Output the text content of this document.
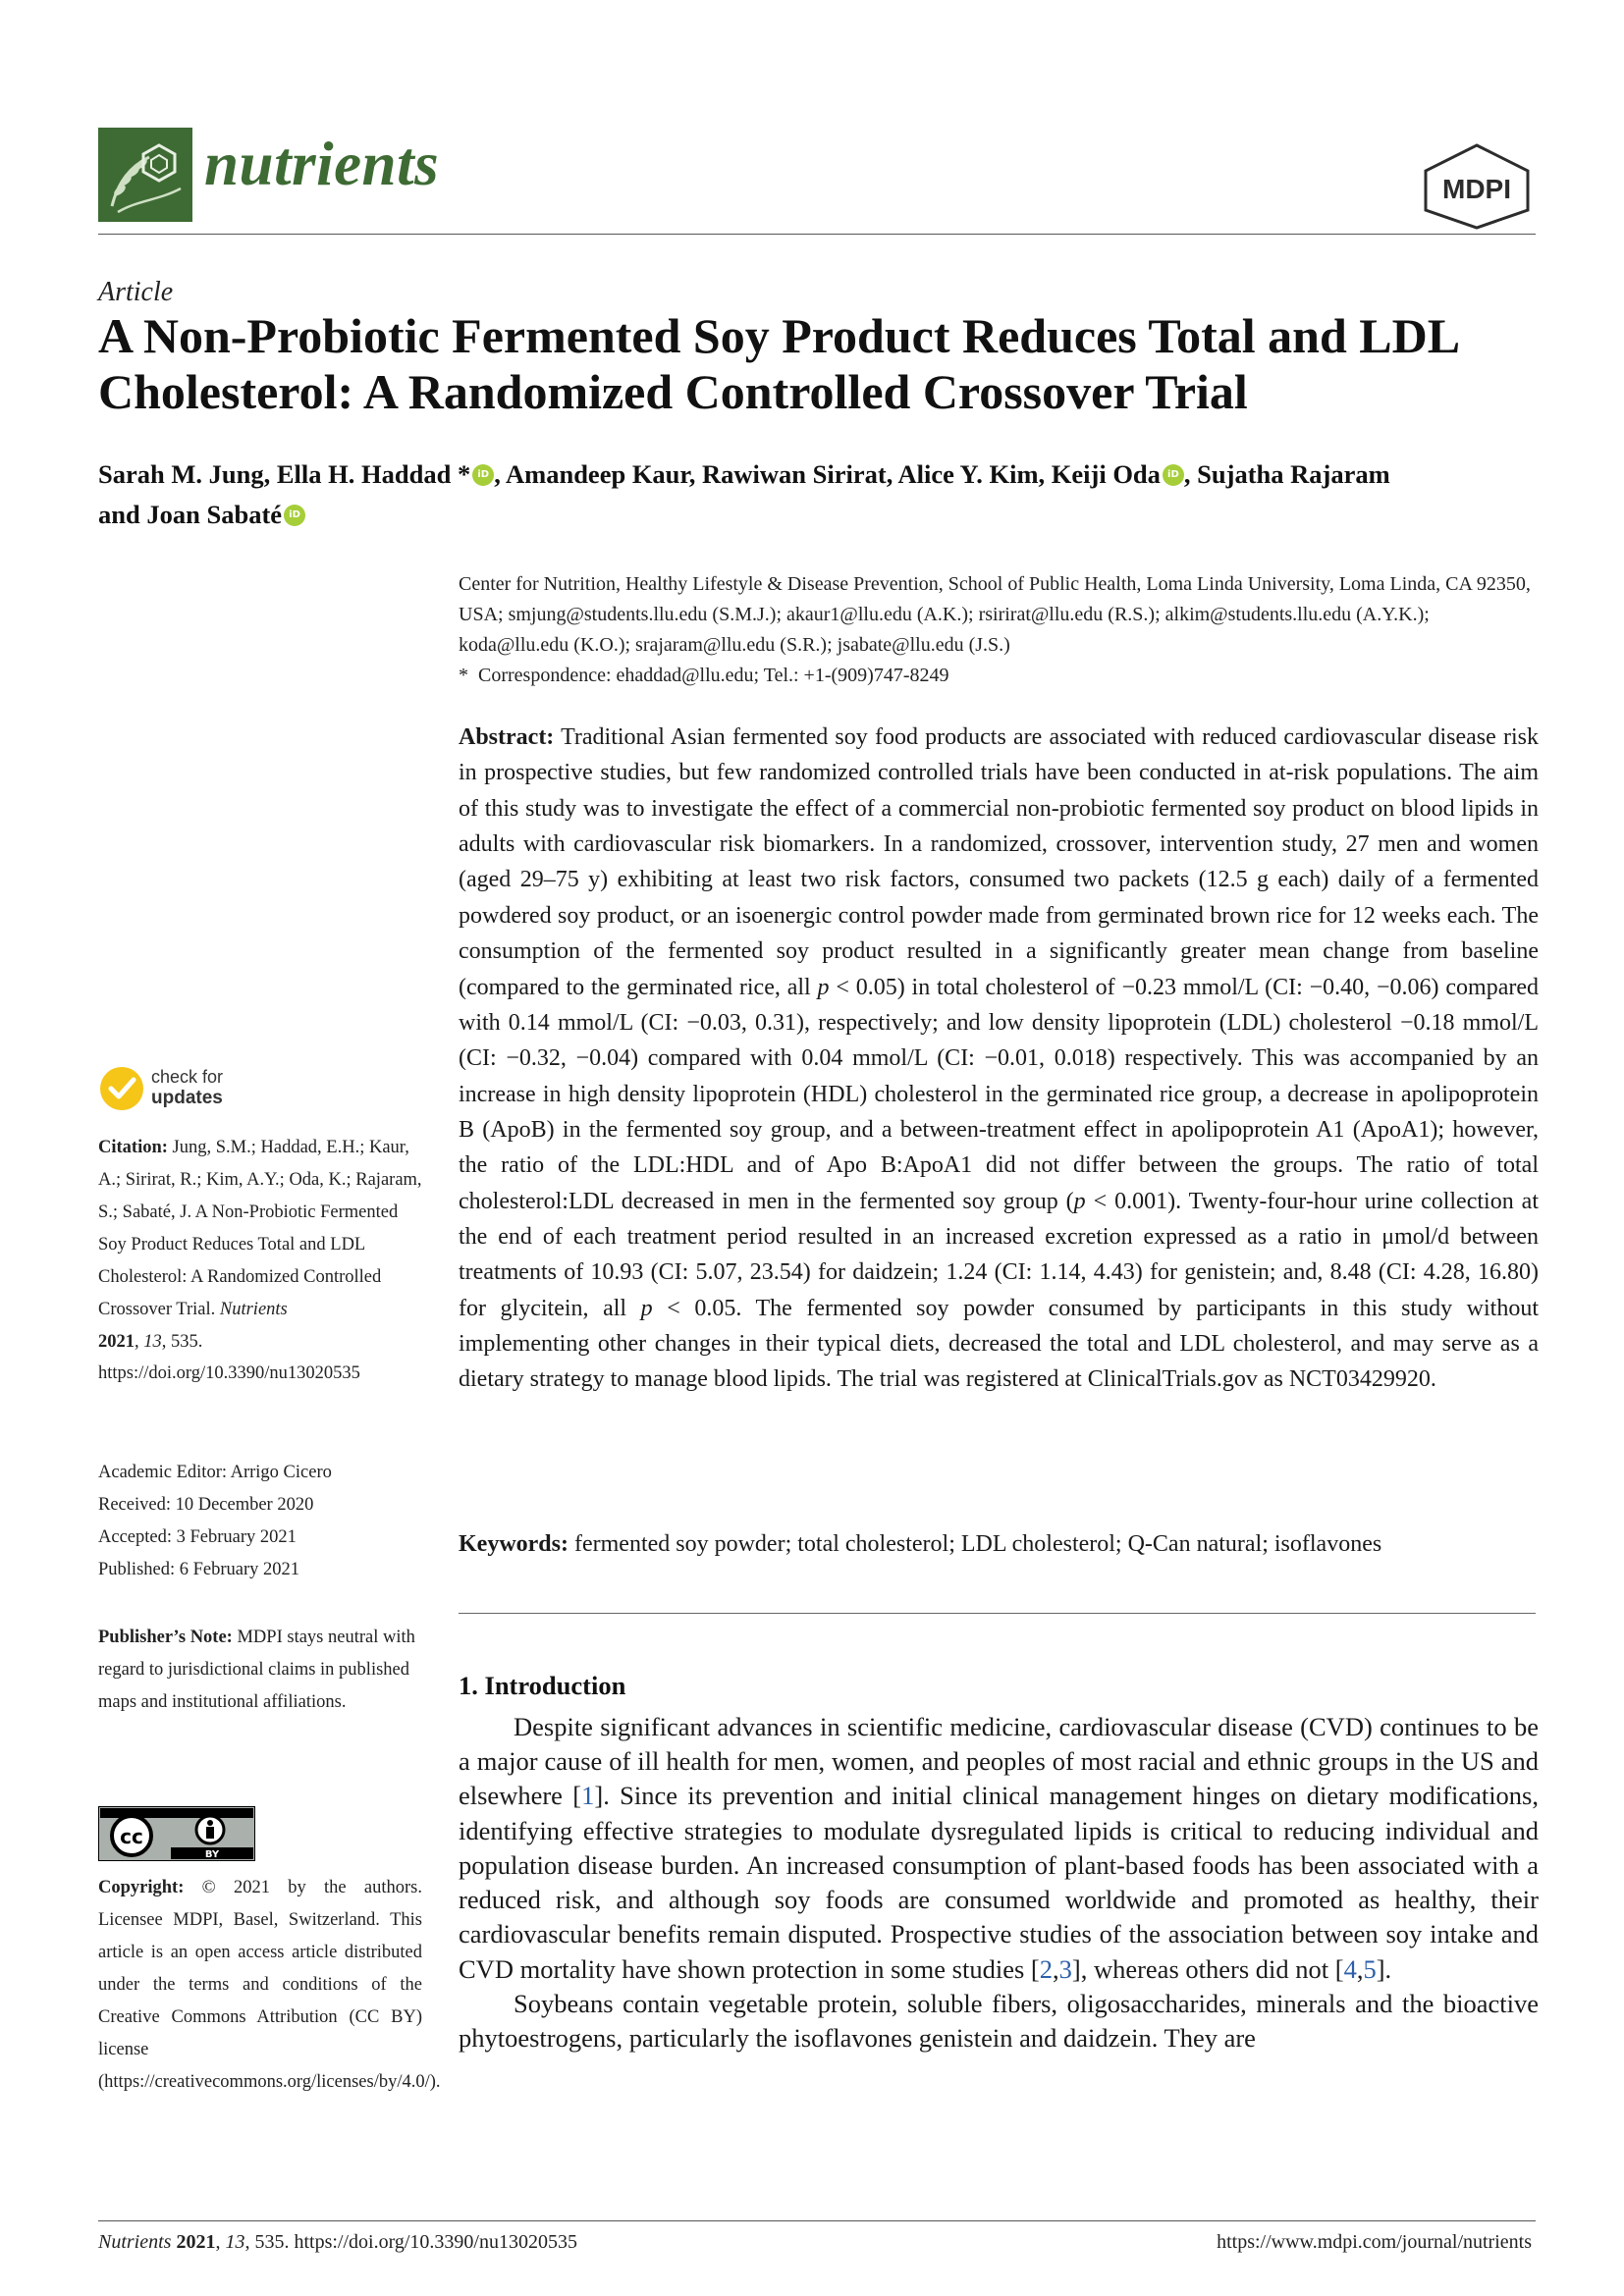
nutrients	MDPI
Article
A Non-Probiotic Fermented Soy Product Reduces Total and LDL Cholesterol: A Randomized Controlled Crossover Trial
Sarah M. Jung, Ella H. Haddad * iD , Amandeep Kaur, Rawiwan Sirirat, Alice Y. Kim, Keiji Oda iD , Sujatha Rajaram
and Joan Sabaté iD

Center for Nutrition, Healthy Lifestyle & Disease Prevention, School of Public Health, Loma Linda University, Loma Linda, CA 92350, USA; smjung@students.llu.edu (S.M.J.); akaur1@llu.edu (A.K.); rsirirat@llu.edu (R.S.); alkim@students.llu.edu (A.Y.K.); koda@llu.edu (K.O.); srajaram@llu.edu (S.R.); jsabate@llu.edu (J.S.)

*  Correspondence: ehaddad@llu.edu; Tel.: +1-(909)747-8249

Abstract: Traditional Asian fermented soy food products are associated with reduced cardiovascular disease risk in prospective studies, but few randomized controlled trials have been conducted in at-risk populations. The aim of this study was to investigate the effect of a commercial non-probiotic fermented soy product on blood lipids in adults with cardiovascular risk biomarkers. In a randomized, crossover, intervention study, 27 men and women (aged 29–75 y) exhibiting at least two risk factors, consumed two packets (12.5 g each) daily of a fermented powdered soy product, or an isoenergic control powder made from germinated brown rice for 12 weeks each. The consumption of the fermented soy product resulted in a significantly greater mean change from baseline (compared to the germinated rice, all p < 0.05) in total cholesterol of −0.23 mmol/L (CI: −0.40, −0.06) compared with 0.14 mmol/L (CI: −0.03, 0.31), respectively; and low density lipoprotein (LDL) cholesterol −0.18 mmol/L (CI: −0.32, −0.04) compared with 0.04 mmol/L (CI: −0.01, 0.018) respectively. This was accompanied by an increase in high density lipoprotein (HDL) cholesterol in the germinated rice group, a decrease in apolipoprotein B (ApoB) in the fermented soy group, and a between-treatment effect in apolipoprotein A1 (ApoA1); however, the ratio of the LDL:HDL and of Apo B:ApoA1 did not differ between the groups. The ratio of total cholesterol:LDL decreased in men in the fermented soy group (p < 0.001). Twenty-four-hour urine collection at the end of each treatment period resulted in an increased excretion expressed as a ratio in μmol/d between treatments of 10.93 (CI: 5.07, 23.54) for daidzein; 1.24 (CI: 1.14, 4.43) for genistein; and, 8.48 (CI: 4.28, 16.80) for glycitein, all p < 0.05. The fermented soy powder consumed by participants in this study without implementing other changes in their typical diets, decreased the total and LDL cholesterol, and may serve as a dietary strategy to manage blood lipids. The trial was registered at ClinicalTrials.gov as NCT03429920.

Keywords: fermented soy powder; total cholesterol; LDL cholesterol; Q-Can natural; isoflavones

1. Introduction

Despite significant advances in scientific medicine, cardiovascular disease (CVD) continues to be a major cause of ill health for men, women, and peoples of most racial and ethnic groups in the US and elsewhere [1]. Since its prevention and initial clinical management hinges on dietary modifications, identifying effective strategies to modulate dysregulated lipids is critical to reducing individual and population disease burden. An increased consumption of plant-based foods has been associated with a reduced risk, and although soy foods are consumed worldwide and promoted as healthy, their cardiovascular benefits remain disputed. Prospective studies of the association between soy intake and CVD mortality have shown protection in some studies [2,3], whereas others did not [4,5].

Soybeans contain vegetable protein, soluble fibers, oligosaccharides, minerals and the bioactive phytoestrogens, particularly the isoflavones genistein and daidzein. They are

check for
updates

Citation: Jung, S.M.; Haddad, E.H.; Kaur, A.; Sirirat, R.; Kim, A.Y.; Oda, K.; Rajaram, S.; Sabaté, J. A Non-Probiotic Fermented Soy Product Reduces Total and LDL Cholesterol: A Randomized Controlled Crossover Trial. Nutrients
2021, 13, 535. https://doi.org/10.3390/nu13020535

Academic Editor: Arrigo Cicero

Received: 10 December 2020

Accepted: 3 February 2021

Published: 6 February 2021

Publisher’s Note: MDPI stays neutral with regard to jurisdictional claims in published maps and institutional affiliations.

cc
BY

Copyright: © 2021 by the authors. Licensee MDPI, Basel, Switzerland. This article is an open access article distributed under the terms and conditions of the Creative Commons Attribution (CC BY) license (https://creativecommons.org/licenses/by/4.0/).

Nutrients 2021, 13, 535. https://doi.org/10.3390/nu13020535	https://www.mdpi.com/journal/nutrients
